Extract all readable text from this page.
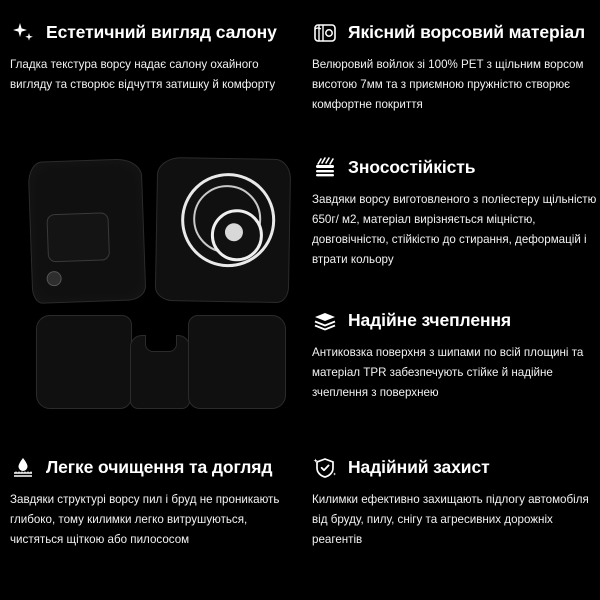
Естетичний вигляд салону
Гладка текстура ворсу надає салону охайного вигляду та створює відчуття затишку й комфорту
Якісний ворсовий матеріал
Велюровий войлок зі 100% PET з щільним ворсом висотою 7мм та з приємною пружністю створює комфортне покриття
Зносостійкість
Завдяки ворсу виготовленого з поліестеру щільністю 650г/ м2, матеріал вирізняється міцністю, довговічністю, стійкістю до стирання, деформацій і втрати кольору
Надійне зчеплення
Антиковзка поверхня з шипами по всій площині та матеріал TPR забезпечують стійке й надійне зчеплення з поверхнею
Легке очищення та догляд
Завдяки структурі ворсу пил і бруд не проникають глибоко, тому килимки легко витрушуються, чистяться щіткою або пилососом
Надійний захист
Килимки ефективно захищають підлогу автомобіля від бруду, пилу, снігу та агресивних дорожніх реагентів
